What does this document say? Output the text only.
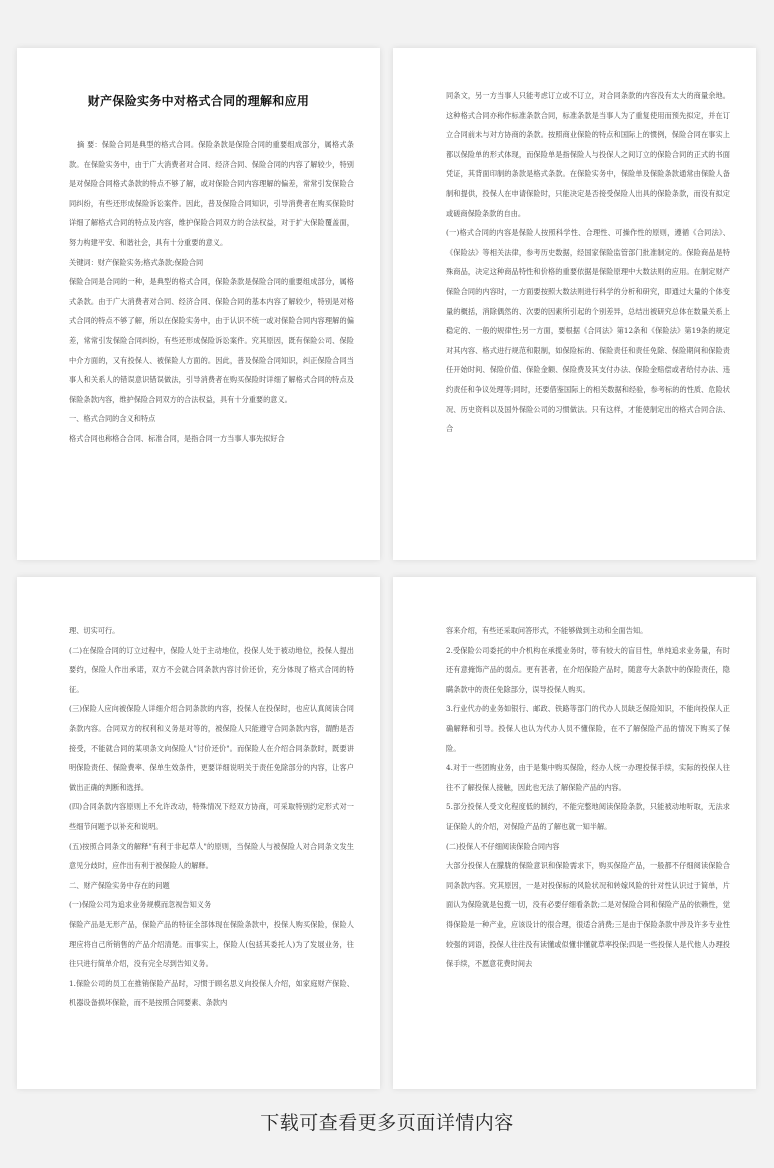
财产保险实务中对格式合同的理解和应用

摘 要：保险合同是典型的格式合同。保险条款是保险合同的重要组成部分，属格式条款。在保险实务中，由于广大消费者对合同、经济合同、保险合同的内容了解较少，特别是对保险合同格式条款的特点不够了解，或对保险合同内容理解的偏差，常常引发保险合同纠纷，有些还形成保险诉讼案件。因此，普及保险合同知识，引导消费者在购买保险时详细了解格式合同的特点及内容，维护保险合同双方的合法权益，对于扩大保险覆盖面，努力构建平安、和谐社会，具有十分重要的意义。

关键词：财产保险实务;格式条款;保险合同

保险合同是合同的一种，是典型的格式合同，保险条款是保险合同的重要组成部分，属格式条款。由于广大消费者对合同、经济合同、保险合同的基本内容了解较少，特别是对格式合同的特点不够了解，所以在保险实务中，由于认识不统一或对保险合同内容理解的偏差，常常引发保险合同纠纷，有些还形成保险诉讼案件。究其原因，既有保险公司、保险中介方面的，又有投保人、被保险人方面的。因此，普及保险合同知识，纠正保险合同当事人和关系人的错误意识错误做法，引导消费者在购买保险时详细了解格式合同的特点及保险条款内容，维护保险合同双方的合法权益，具有十分重要的意义。

一、格式合同的含义和特点

格式合同也称格合合同、标准合同，是指合同一方当事人事先拟好合

同条文，另一方当事人只能考虑订立或不订立，对合同条款的内容没有太大的商量余地。这种格式合同亦称作标准条款合同，标准条款是当事人为了重复使用而预先拟定，并在订立合同前未与对方协商的条款。按照商业保险的特点和国际上的惯例，保险合同在事实上都以保险单的形式体现，而保险单是指保险人与投保人之间订立的保险合同的正式的书面凭证，其背面印制的条款是格式条款。在保险实务中，保险单及保险条款通常由保险人备制和提供，投保人在申请保险时，只能决定是否接受保险人出具的保险条款，而没有拟定或磋商保险条款的自由。

(一)格式合同的内容是保险人按照科学性、合理性、可操作性的原则，遵循《合同法》、《保险法》等相关法律，参考历史数据，经国家保险监管部门批准制定的。保险商品是特殊商品，决定这种商品特性和价格的重要依据是保险原理中大数法则的应用。在制定财产保险合同的内容时，一方面要按照大数法则进行科学的分析和研究，即通过大量的个体变量的概括，消除偶然的、次要的因素所引起的个别差异，总结出被研究总体在数量关系上稳定的、一般的规律性;另一方面，要根据《合同法》第12条和《保险法》第19条的规定对其内容、格式进行规范和限制，如保险标的、保险责任和责任免除、保险期间和保险责任开始时间、保险价值、保险金额、保险费及其支付办法、保险金赔偿或者给付办法、违约责任和争议处理等;同时，还要借鉴国际上的相关数据和经验，参考标的的性质、危险状况、历史资料以及国外保险公司的习惯做法。只有这样，才能使制定出的格式合同合法、合

理、切实可行。

(二)在保险合同的订立过程中，保险人处于主动地位，投保人处于被动地位，投保人提出要约，保险人作出承诺，双方不会就合同条款内容讨价还价，充分体现了格式合同的特征。

(三)保险人应向被保险人详细介绍合同条款的内容，投保人在投保时，也应认真阅读合同条款内容。合同双方的权利和义务是对等的，被保险人只能遵守合同条款内容，谓酌是否接受，不能就合同的某项条文向保险人"讨价还价"。而保险人在介绍合同条款时，既要讲明保险责任、保险费率、保单生效条件，更要详细说明关于责任免除部分的内容，让客户做出正确的判断和选择。

(四)合同条款内容原则上不允许改动，特殊情况下经双方协商，可采取特别约定形式对一些细节问题予以补充和说明。

(五)按照合同条文的解释"有利于非起草人"的原则，当保险人与被保险人对合同条文发生意见分歧时，应作出有利于被保险人的解释。

二、财产保险实务中存在的问题

(一)保险公司为追求业务规模而忽视告知义务

保险产品是无形产品，保险产品的特征全部体现在保险条款中，投保人购买保险，保险人理应将自己所销售的产品介绍清楚。而事实上，保险人(包括其委托人)为了发展业务，往往只进行简单介绍，没有完全尽到告知义务。

1.保险公司的员工在推销保险产品时，习惯于顾名思义向投保人介绍，如家庭财产保险、机器设备损坏保险，而不是按照合同要素、条款内

容来介绍，有些还采取问答形式，不能够做到主动和全面告知。

2.受保险公司委托的中介机构在承揽业务时，带有较大的盲目性，单纯追求业务量，有时还有意掩饰产品的弱点。更有甚者，在介绍保险产品时，随意夸大条款中的保险责任，隐瞒条款中的责任免除部分，误导投保人购买。

3.行业代办的业务如银行、邮政、铁路等部门的代办人员缺乏保险知识，不能向投保人正确解释和引导。投保人也认为代办人员不懂保险，在不了解保险产品的情况下购买了保险。

4.对于一些团购业务，由于是集中购买保险，经办人统一办理投保手续，实际的投保人往往不了解投保人接触，因此也无法了解保险产品的内容。

5.部分投保人受文化程度低的制约，不能完整地阅读保险条款，只能被动地听取，无法求证保险人的介绍，对保险产品的了解也就一知半解。

(二)投保人不仔细阅读保险合同内容

大部分投保人在朦胧的保险意识和保险需求下，购买保险产品，一般都不仔细阅读保险合同条款内容。究其原因，一是对投保标的风险状况和转嫁风险的针对性认识过于简单，片面认为保险就是包揽一切，没有必要仔细看条款;二是对保险合同和保险产品的依赖性，觉得保险是一种产业，应该设计的很合理，很适合消费;三是由于保险条款中涉及许多专业性较强的词语，投保人往往没有读懂或似懂非懂就草率投保;四是一些投保人是代他人办理投保手续，不愿意花费时间去

下载可查看更多页面详情内容
